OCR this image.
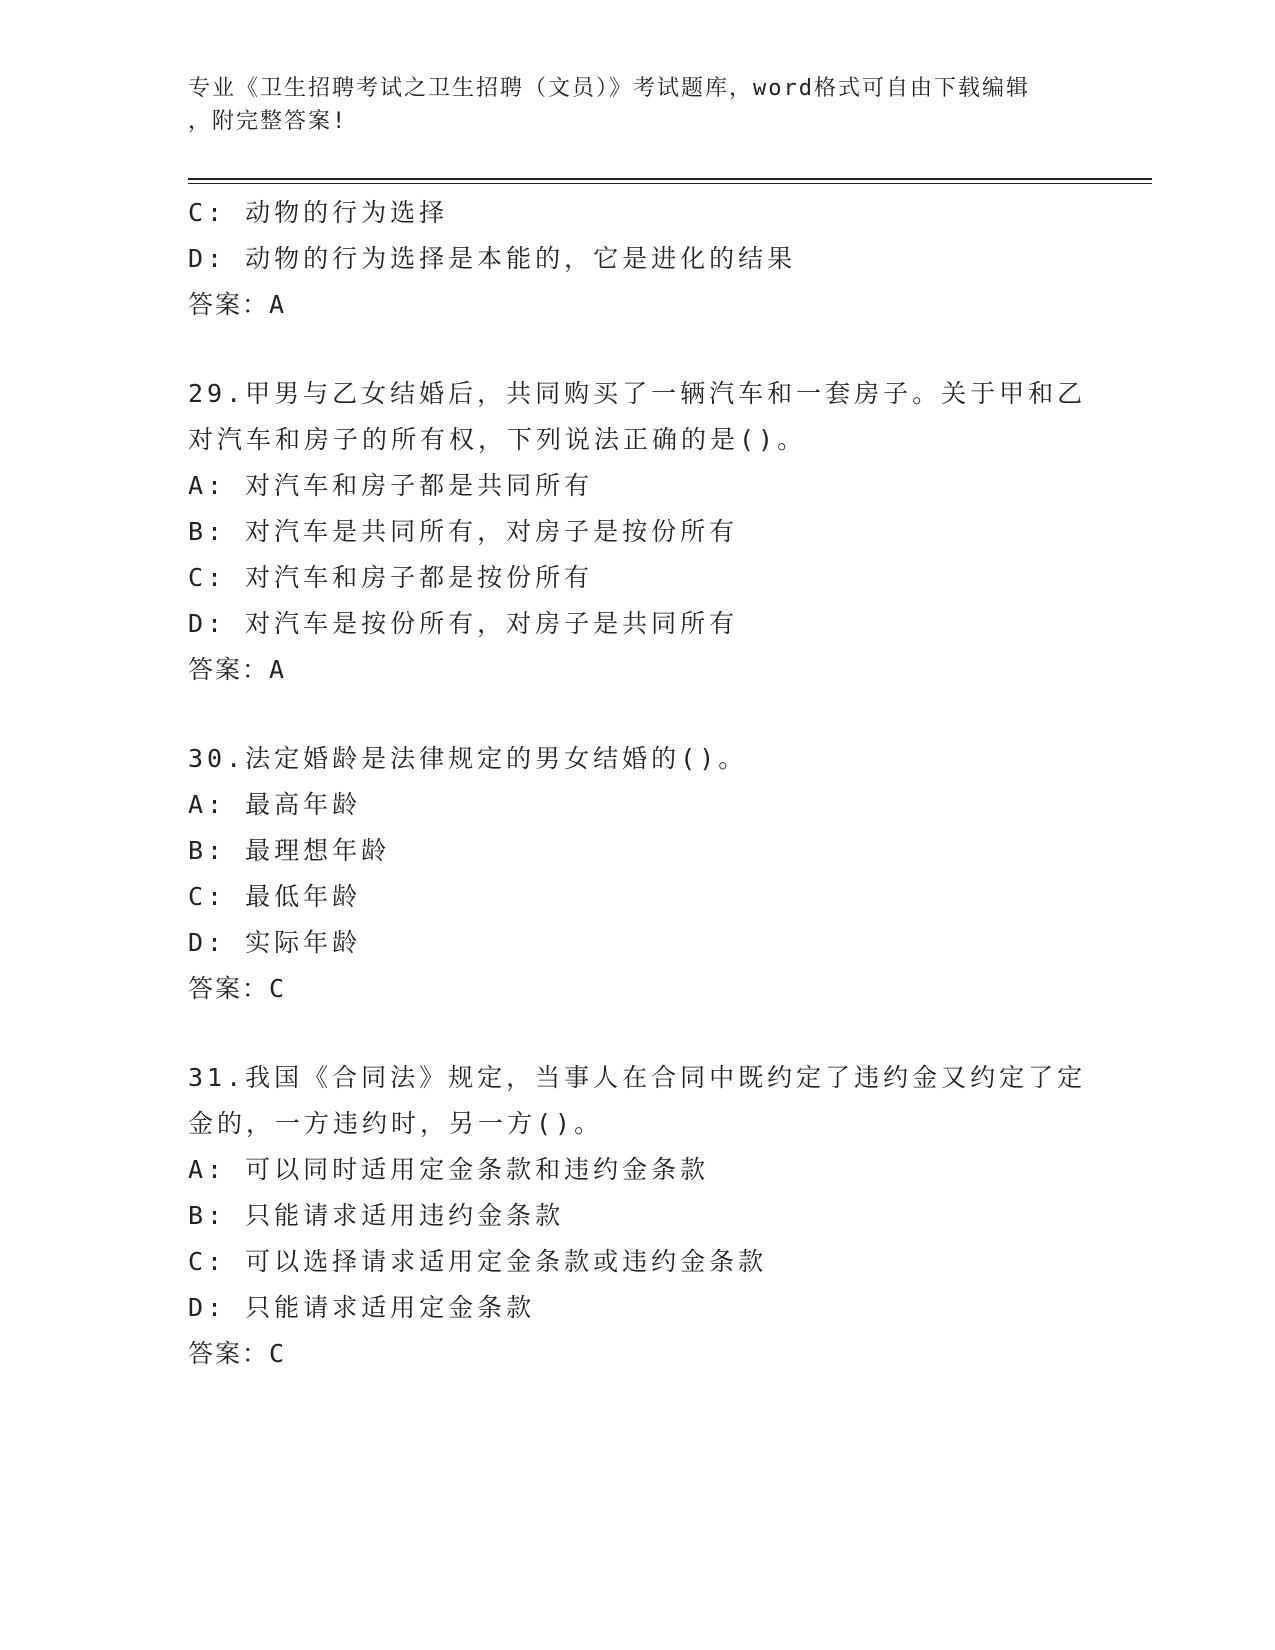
专业《卫生招聘考试之卫生招聘（文员）》考试题库，word格式可自由下载编辑
，附完整答案!
C: 动物的行为选择
D: 动物的行为选择是本能的，它是进化的结果
答案：A
29.甲男与乙女结婚后，共同购买了一辆汽车和一套房子。关于甲和乙
对汽车和房子的所有权，下列说法正确的是()。
A: 对汽车和房子都是共同所有
B: 对汽车是共同所有，对房子是按份所有
C: 对汽车和房子都是按份所有
D: 对汽车是按份所有，对房子是共同所有
答案：A
30.法定婚龄是法律规定的男女结婚的()。
A: 最高年龄
B: 最理想年龄
C: 最低年龄
D: 实际年龄
答案：C
31.我国《合同法》规定，当事人在合同中既约定了违约金又约定了定
金的，一方违约时，另一方()。
A: 可以同时适用定金条款和违约金条款
B: 只能请求适用违约金条款
C: 可以选择请求适用定金条款或违约金条款
D: 只能请求适用定金条款
答案：C
